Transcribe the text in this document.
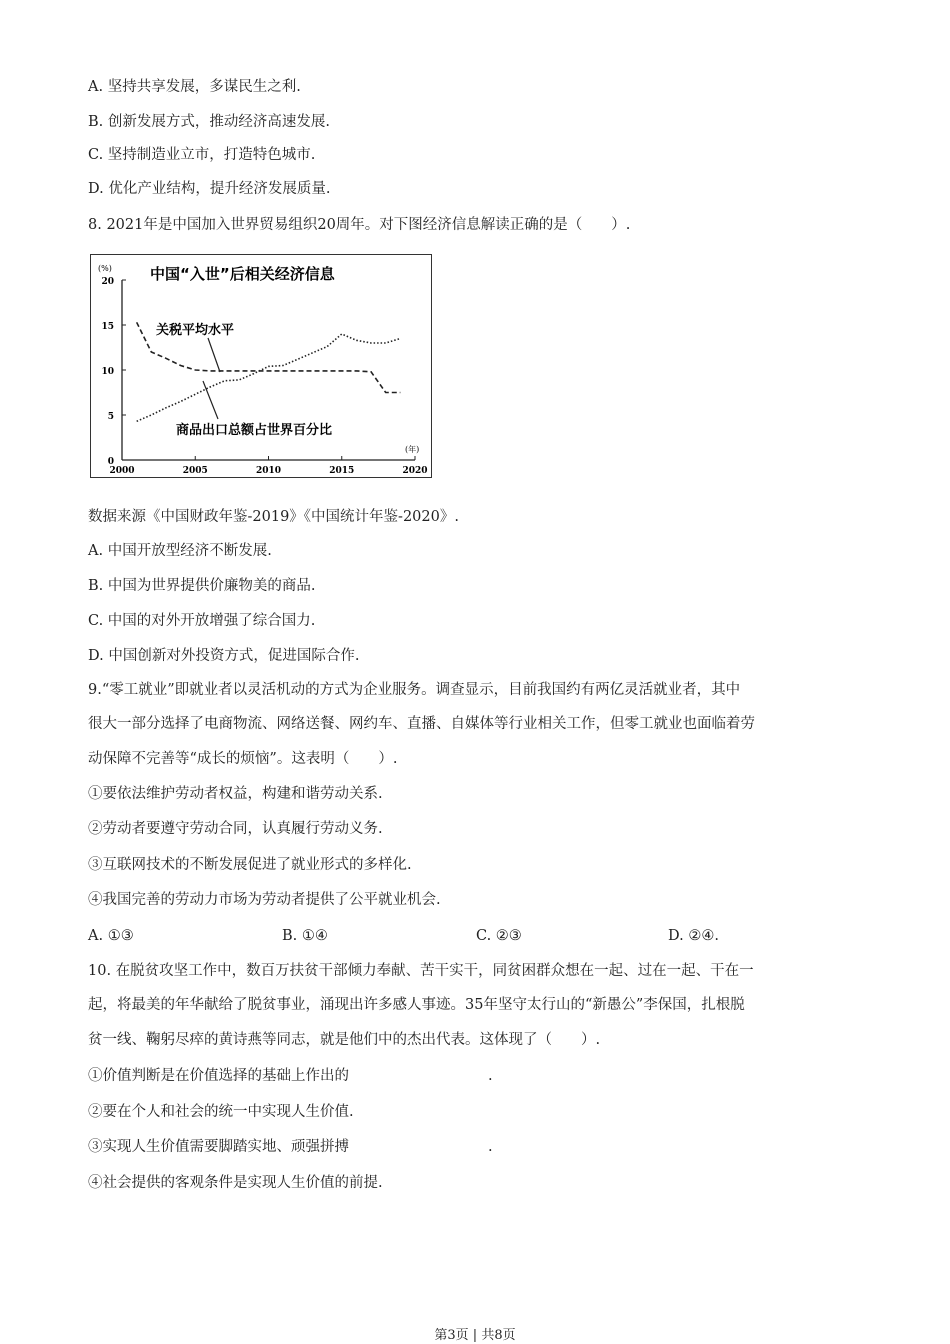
A. 坚持共享发展，多谋民生之利.
B. 创新发展方式，推动经济高速发展.
C. 坚持制造业立市，打造特色城市.
D. 优化产业结构，提升经济发展质量.
8. 2021年是中国加入世界贸易组织20周年。对下图经济信息解读正确的是（　　）.
2000	2005	2010	2015	2020
0
5
10
15
20
(%)
(年)
中国“入世”后相关经济信息
关税平均水平
商品出口总额占世界百分比
数据来源《中国财政年鉴-2019》《中国统计年鉴-2020》.
A. 中国开放型经济不断发展.
B. 中国为世界提供价廉物美的商品.
C. 中国的对外开放增强了综合国力.
D. 中国创新对外投资方式，促进国际合作.
9.“零工就业”即就业者以灵活机动的方式为企业服务。调查显示，目前我国约有两亿灵活就业者，其中
很大一部分选择了电商物流、网络送餐、网约车、直播、自媒体等行业相关工作，但零工就业也面临着劳
动保障不完善等“成长的烦恼”。这表明（　　）.
①要依法维护劳动者权益，构建和谐劳动关系.
②劳动者要遵守劳动合同，认真履行劳动义务.
③互联网技术的不断发展促进了就业形式的多样化.
④我国完善的劳动力市场为劳动者提供了公平就业机会.
A. ①③	B. ①④	C. ②③	D. ②④.
10. 在脱贫攻坚工作中，数百万扶贫干部倾力奉献、苦干实干，同贫困群众想在一起、过在一起、干在一
起，将最美的年华献给了脱贫事业，涌现出许多感人事迹。35年坚守太行山的“新愚公”李保国，扎根脱
贫一线、鞠躬尽瘁的黄诗燕等同志，就是他们中的杰出代表。这体现了（　　）.
①价值判断是在价值选择的基础上作出的	.
②要在个人和社会的统一中实现人生价值.
③实现人生价值需要脚踏实地、顽强拼搏	.
④社会提供的客观条件是实现人生价值的前提.
第3页 | 共8页
